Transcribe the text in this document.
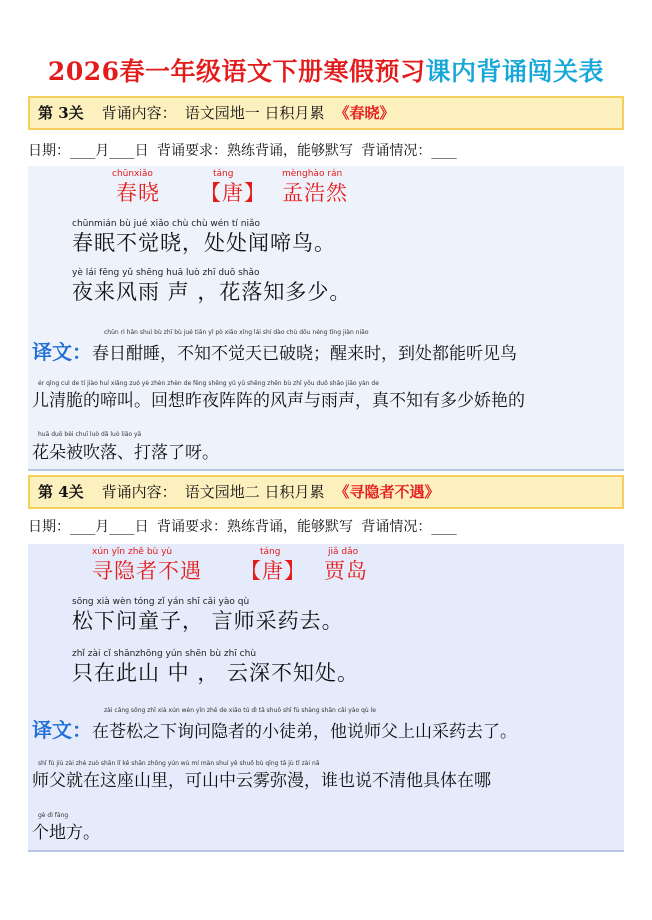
2026春一年级语文下册寒假预习课内背诵闯关表
第 3关 背诵内容： 语文园地一 日积月累 《春晓》
日期：___月___日 背诵要求：熟练背诵，能够默写 背诵情况：___
chūnxiǎo	táng	mènghào rán
春晓 【唐】 孟浩然
chūnmián bù jué xiǎo chù chù wén tí niǎo
春眠不觉晓，处处闻啼鸟。
yè lái fēng yǔ shēng huā luò zhī duō shǎo
夜来风雨 声 ，花落知多少。
chūn rì hān shuì bù zhī bù jué tiān yǐ pò xiǎo xǐng lái shí dào chù dōu néng tīng jiàn niǎo
译文：春日酣睡，不知不觉天已破晓；醒来时，到处都能听见鸟
ér qīng cuì de tí jiào huí xiǎng zuó yè zhèn zhèn de fēng shēng yǔ yǔ shēng zhēn bù zhī yǒu duō shǎo jiāo yàn de
儿清脆的啼叫。回想昨夜阵阵的风声与雨声，真不知有多少娇艳的
huā duǒ bèi chuī luò dǎ luò liǎo yā
花朵被吹落、打落了呀。
第 4关 背诵内容： 语文园地二 日积月累 《寻隐者不遇》
日期：___月___日 背诵要求：熟练背诵，能够默写 背诵情况：___
xún yǐn zhě bù yù	táng	jiǎ dǎo
寻隐者不遇 【唐】 贾岛
sōng xià wèn tóng zǐ yán shī cǎi yào qù
松下问童子， 言师采药去。
zhǐ zài cǐ shānzhōng yún shēn bù zhī chù
只在此山 中 ， 云深不知处。
zài cāng sōng zhī xià xún wèn yǐn zhě de xiǎo tú dì tā shuō shī fù shàng shān cǎi yào qù le
译文：在苍松之下询问隐者的小徒弟，他说师父上山采药去了。
shī fù jiù zài zhè zuò shān lǐ kě shān zhōng yún wù mí màn shuí yě shuō bù qīng tā jù tǐ zài nǎ
师父就在这座山里，可山中云雾弥漫，谁也说不清他具体在哪
gè dì fāng
个地方。
